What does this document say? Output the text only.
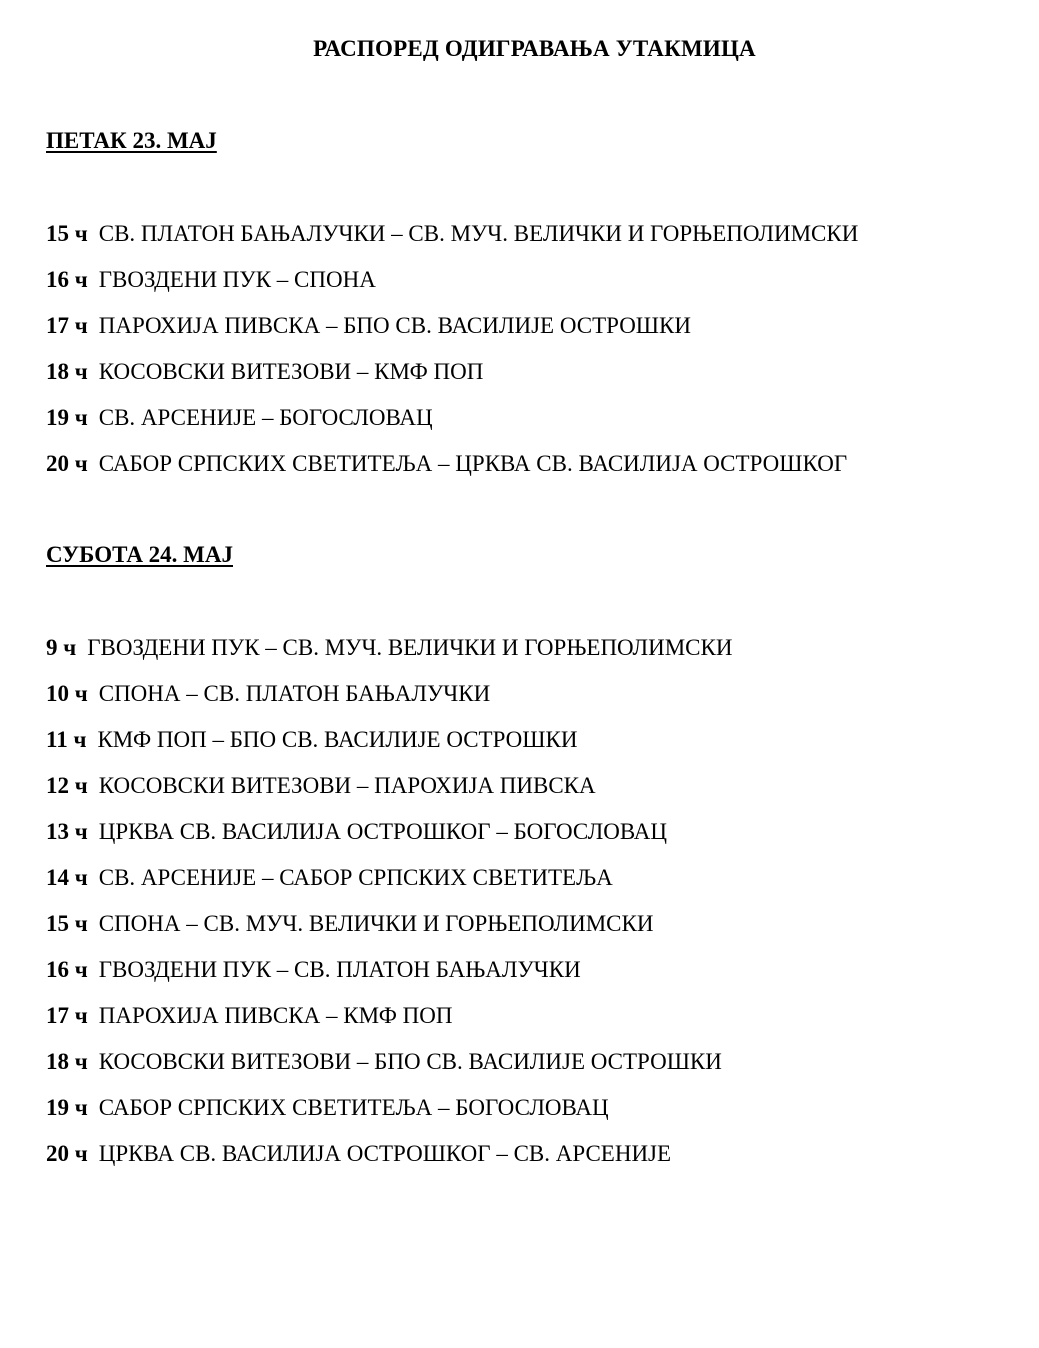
РАСПОРЕД ОДИГРАВАЊА УТАКМИЦА
ПЕТАК 23. МАЈ
15 ч СВ. ПЛАТОН БАЊАЛУЧКИ – СВ. МУЧ. ВЕЛИЧКИ И ГОРЊЕПОЛИМСКИ
16 ч ГВОЗДЕНИ ПУК – СПОНА
17 ч ПАРОХИЈА ПИВСКА – БПО СВ. ВАСИЛИЈЕ ОСТРОШКИ
18 ч КОСОВСКИ ВИТЕЗОВИ – КМФ ПОП
19 ч СВ. АРСЕНИЈЕ – БОГОСЛОВАЦ
20 ч САБОР СРПСКИХ СВЕТИТЕЉА – ЦРКВА СВ. ВАСИЛИЈА ОСТРОШКОГ
СУБОТА 24. МАЈ
9 ч ГВОЗДЕНИ ПУК – СВ. МУЧ. ВЕЛИЧКИ И ГОРЊЕПОЛИМСКИ
10 ч СПОНА – СВ. ПЛАТОН БАЊАЛУЧКИ
11 ч КМФ ПОП – БПО СВ. ВАСИЛИЈЕ ОСТРОШКИ
12 ч КОСОВСКИ ВИТЕЗОВИ – ПАРОХИЈА ПИВСКА
13 ч ЦРКВА СВ. ВАСИЛИЈА ОСТРОШКОГ – БОГОСЛОВАЦ
14 ч СВ. АРСЕНИЈЕ – САБОР СРПСКИХ СВЕТИТЕЉА
15 ч СПОНА – СВ. МУЧ. ВЕЛИЧКИ И ГОРЊЕПОЛИМСКИ
16 ч ГВОЗДЕНИ ПУК – СВ. ПЛАТОН БАЊАЛУЧКИ
17 ч ПАРОХИЈА ПИВСКА – КМФ ПОП
18 ч КОСОВСКИ ВИТЕЗОВИ – БПО СВ. ВАСИЛИЈЕ ОСТРОШКИ
19 ч САБОР СРПСКИХ СВЕТИТЕЉА – БОГОСЛОВАЦ
20 ч ЦРКВА СВ. ВАСИЛИЈА ОСТРОШКОГ – СВ. АРСЕНИЈЕ
